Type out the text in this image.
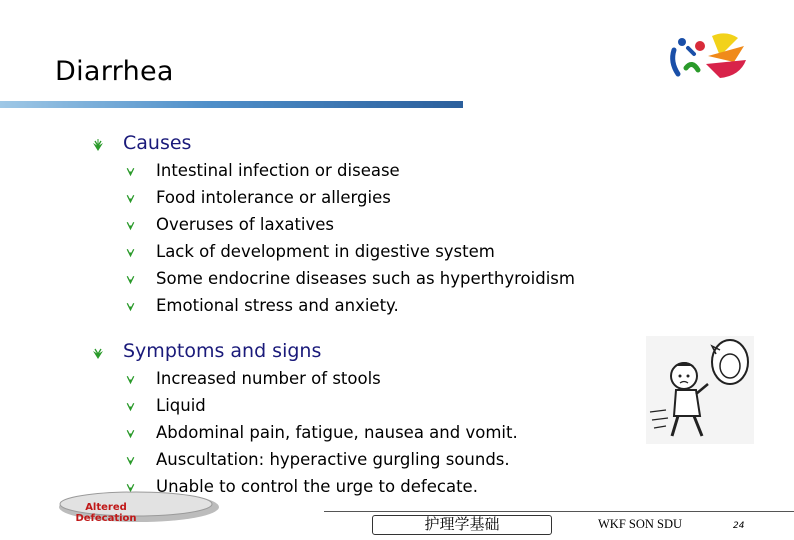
Diarrhea
Causes
Intestinal infection or disease
Food intolerance or allergies
Overuses of laxatives
Lack of development in digestive system
Some endocrine diseases such as hyperthyroidism
Emotional stress and anxiety.
Symptoms and signs
Increased number of stools
Liquid
Abdominal pain, fatigue, nausea and vomit.
Auscultation: hyperactive gurgling sounds.
Unable to control the urge to defecate.
Altered Defecation	护理学基础	WKF SON SDU	24
